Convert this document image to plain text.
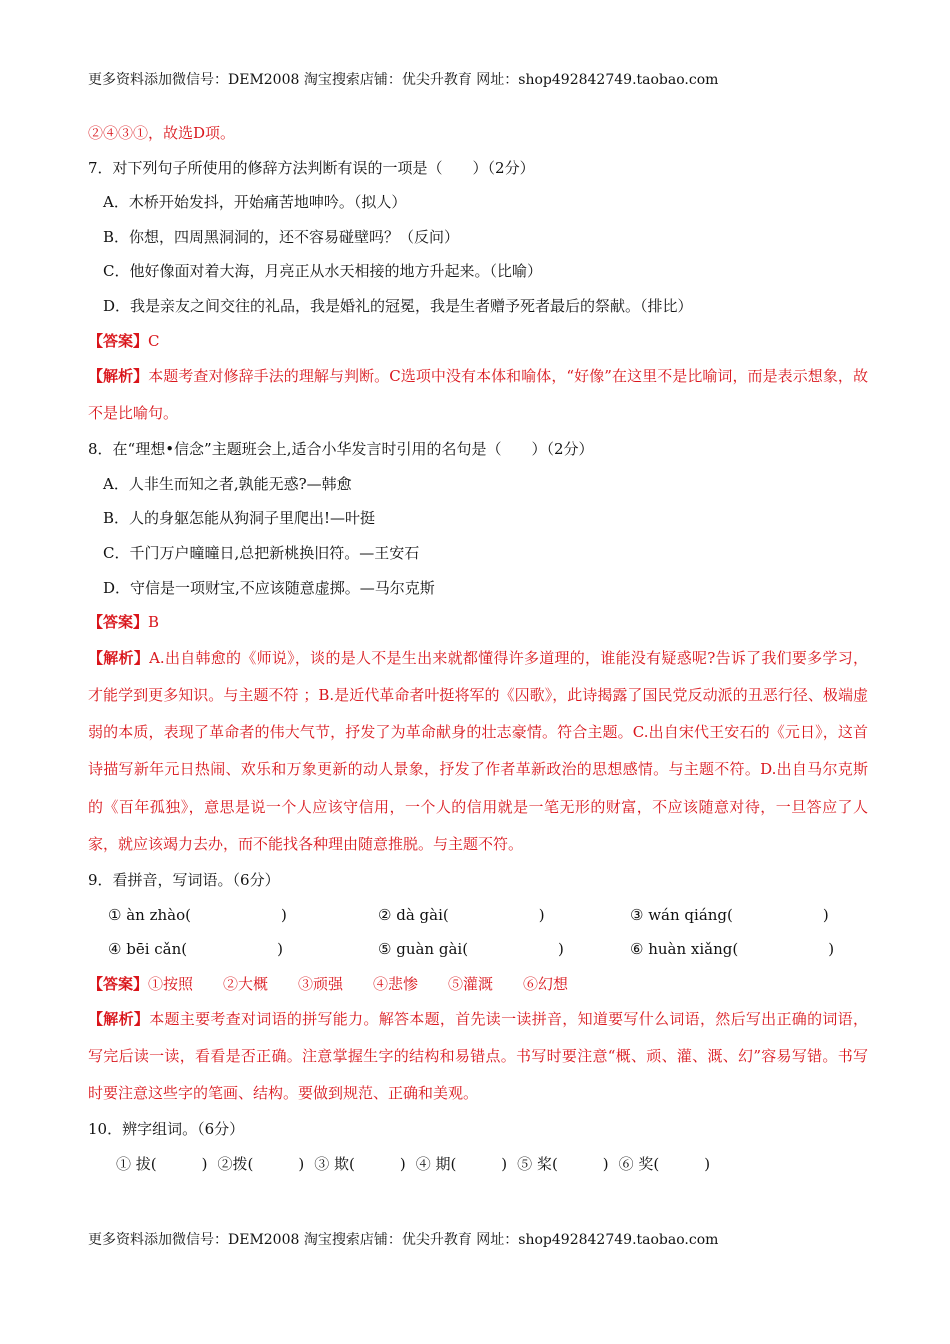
更多资料添加微信号：DEM2008 淘宝搜索店铺：优尖升教育 网址：shop492842749.taobao.com
②④③①，故选D项。
7．对下列句子所使用的修辞方法判断有误的一项是（　　）（2分）
A．木桥开始发抖，开始痛苦地呻吟。（拟人）
B．你想，四周黑洞洞的，还不容易碰壁吗？（反问）
C．他好像面对着大海，月亮正从水天相接的地方升起来。（比喻）
D．我是亲友之间交往的礼品，我是婚礼的冠冕，我是生者赠予死者最后的祭献。（排比）
【答案】C
【解析】本题考查对修辞手法的理解与判断。C选项中没有本体和喻体，“好像”在这里不是比喻词，而是表示想象，故不是比喻句。
8．在“理想•信念”主题班会上,适合小华发言时引用的名句是（　　）（2分）
A．人非生而知之者,孰能无惑?—韩愈
B．人的身躯怎能从狗洞子里爬出!—叶挺
C．千门万户曈曈日,总把新桃换旧符。—王安石
D．守信是一项财宝,不应该随意虚掷。—马尔克斯
【答案】B
【解析】A.出自韩愈的《师说》，谈的是人不是生出来就都懂得许多道理的，谁能没有疑惑呢?告诉了我们要多学习，才能学到更多知识。与主题不符 ；B.是近代革命者叶挺将军的《囚歌》，此诗揭露了国民党反动派的丑恶行径、极端虚弱的本质，表现了革命者的伟大气节，抒发了为革命献身的壮志豪情。符合主题。C.出自宋代王安石的《元日》，这首诗描写新年元日热闹、欢乐和万象更新的动人景象，抒发了作者革新政治的思想感情。与主题不符。D.出自马尔克斯的《百年孤独》，意思是说一个人应该守信用，一个人的信用就是一笔无形的财富，不应该随意对待，一旦答应了人家，就应该竭力去办，而不能找各种理由随意推脱。与主题不符。
9．看拼音，写词语。（6分）
① àn zhào(　　　　　　)	② dà gài(　　　　　　)	③ wán qiáng(　　　　　　)
④ bēi cǎn(　　　　　　)	⑤ guàn gài(　　　　　　)	⑥ huàn xiǎng(　　　　　　)
【答案】①按照　　②大概　　③顽强　　④悲惨　　⑤灌溉　　⑥幻想
【解析】本题主要考查对词语的拼写能力。解答本题，首先读一读拼音，知道要写什么词语，然后写出正确的词语，写完后读一读，看看是否正确。注意掌握生字的结构和易错点。书写时要注意“概、顽、灌、溉、幻”容易写错。书写时要注意这些字的笔画、结构。要做到规范、正确和美观。
10．辨字组词。（6分）
① 拔(　　　) ②拨(　　　) ③ 欺(　　　) ④ 期(　　　) ⑤ 桨(　　　) ⑥ 奖(　　　)
更多资料添加微信号：DEM2008 淘宝搜索店铺：优尖升教育 网址：shop492842749.taobao.com
